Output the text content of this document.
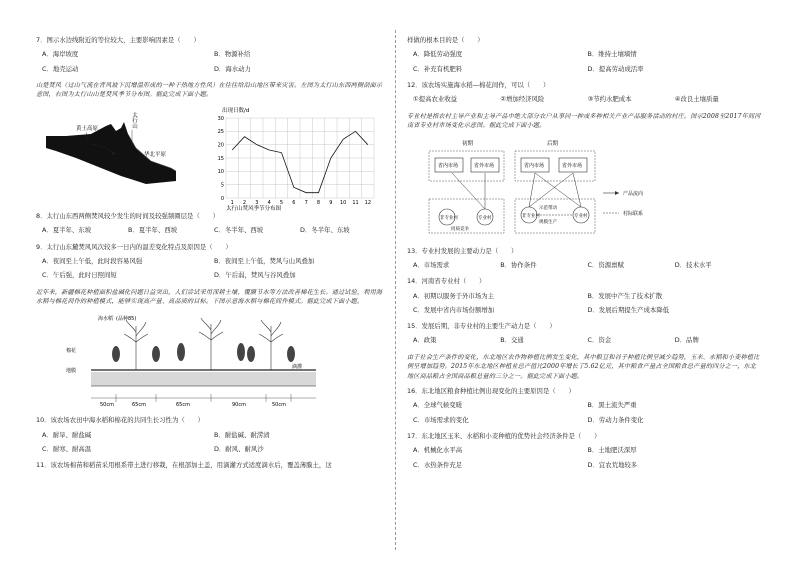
7．图示水边线附近的等位较大，主要影响因素是（　　）

A．海岸坡度	B．物源补给
C．地壳运动	D．海水动力

山楚焚风（过山气流在背风坡下沉增温形成的一种干热地方性风）在往往给沿山地区带来灾害。左图为太行山东西两侧剖面示意图，右图为太行山山楚焚风季节分布图。据此完成下面小题。

太行山
黄土高原
华北平原
出现日数/d
0
5
10
15
20
25
30
1 2 3 4 5 6 7 8 9 10 11 12
太行山焚风季节分布图

8．太行山东西两侧焚风较少发生的时间及较强频圈层是（　　）

A．夏半年、东坡	B．夏半年、西坡	C．冬半年、西坡	D．冬半年、东坡

9．太行山东麓焚风风次较多一日内的温差变化特点及原因是（　　）

A．夜间至上午低，此时段容易风强	B．夜间至上午低，焚风与山风叠加
C．午后强，此时日照间短	D．午后弱，焚风与谷风叠加

近年来，新疆棉花种植面积盐碱化问题日益突出，人们尝试采用深耕土壤、覆膜节水等方法改善棉花生长。通过试验，利用海水稻与棉花间作的种植模式，能够实现高产量、高品质的目标。下图示意海水稻与棉花间作模式。据此完成下面小题。

海水稻 (品种85)
棉花
地膜
滴灌
50cm	65cm	65cm	90cm	50cm

10．该农场农田中海水稻和棉花的共同生长习性为（　　）

A．耐旱、耐盐碱	B．耐盐碱、耐涝渍
C．耐寒、耐高温	D．耐风、耐风沙

11．该农场棉苗和稻苗采用根系带土进行移栽，在根部加土盖，用滴灌方式适度滴水后，覆盖薄膜土，这

样做的根本目的是（　　）

A．降低劳动强度	B．维持土壤墒情
C．补充有机肥料	D．提高劳动成活率

12．该农场实施海水稻—棉花间作，可以（　　）

①提高农业收益	②增加经济风险	③节约水肥成本	④改良土壤质量

专业村是指农村主导产业和主导产品中绝大部分农户从事同一种或多种相关产业产品服务活动的村庄。图示2008至2017年间河南省专业村市场变化示意图。据此完成下面小题。

初期	后期
省内市场	省外市场	省内市场	省外市场
非专业村	专业村	非专业村	专业村
示范带动
规模生产
同质竞争
产品流向
村际联系

13．专业村发展的主要动力是（　　）

A．市场需求	B．协作条件	C．资源禀赋	D．技术水平

14．河南省专业村（　　）

A．初期以服务于外市场为主	B．发展中产生了技术扩散
C．发展中省内市场份额增加	D．发展后期提生产成本降低

15．发展后期，非专业村的主要生产动力是（　　）

A．政策	B．交通	C．资金	D．品牌

由于社会生产条件的变化，东北地区农作物种植比例发生变化，其中粮豆和谷子种植比例呈减少趋势，玉米、水稻和小麦种植比例呈增加趋势。2015年东北地区种植业总产值比2000年增长了5.62亿元，其中粮食产量占全国粮食总产量的四分之一，东北地区商品粮占全国商品粮总量的三分之一。据此完成下面小题。

16．东北地区粮食种植比例出现变化的主要原因是（　　）

A．全球气候变暖	B．黑土流失严重
C．市场需求的变化	D．劳动力条件变化

17．东北地区玉米、水稻和小麦种植的优势社会经济条件是（　　）

A．机械化水平高	B．土地肥沃深厚
C．水热条件充足	D．宜农荒地较多
